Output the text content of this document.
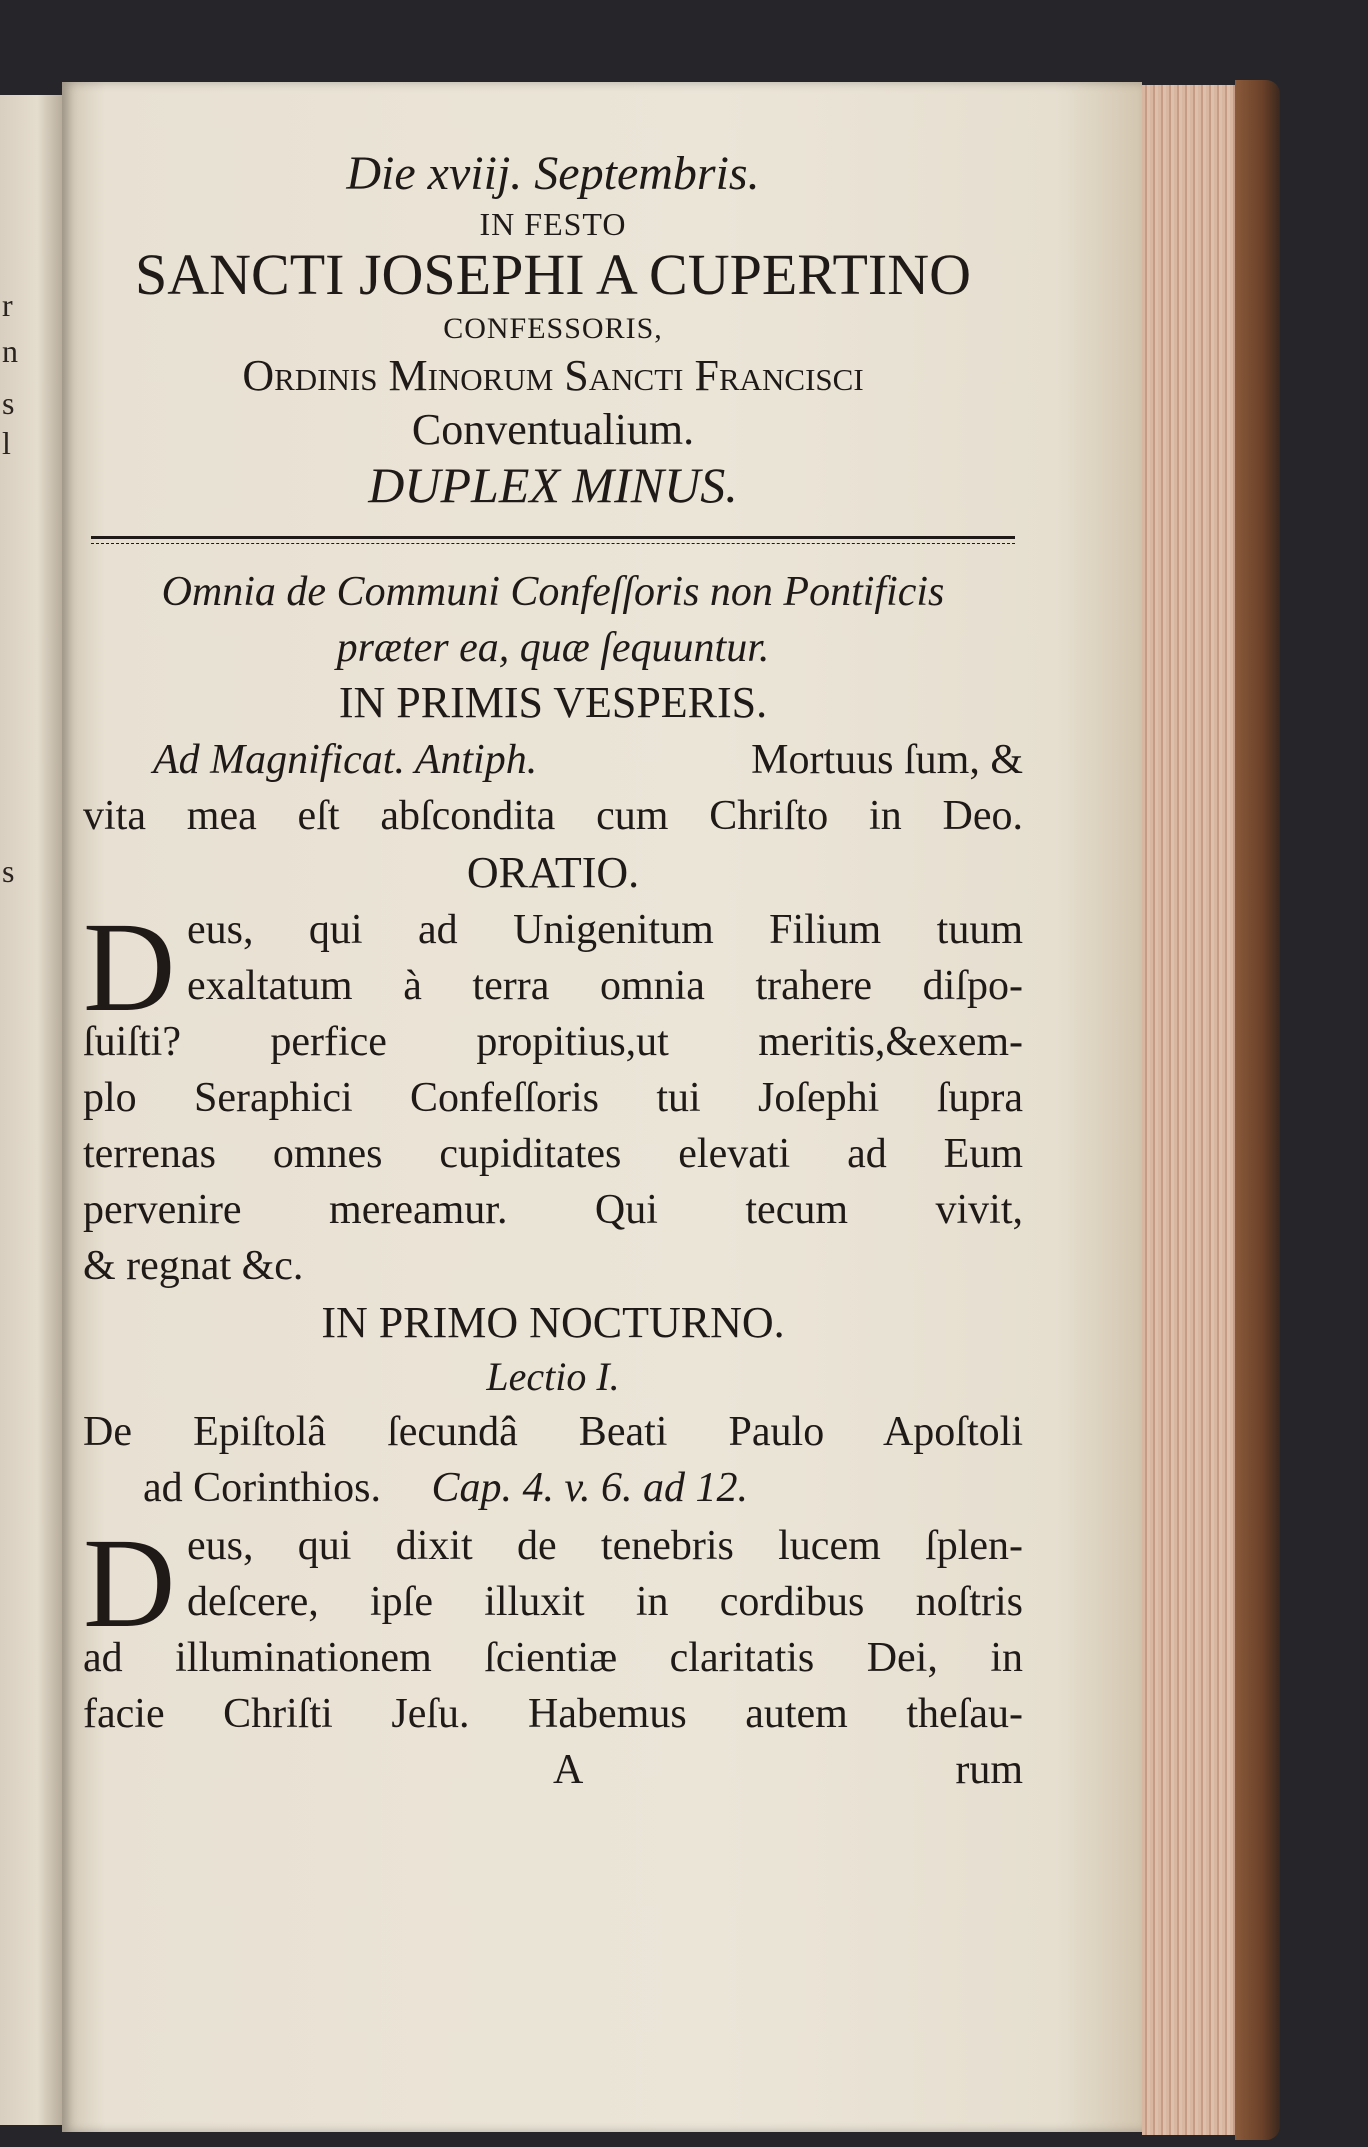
r
n
s
l
s
Die xviij. Septembris.
IN FESTO
SANCTI JOSEPHI A CUPERTINO
CONFESSORIS,
Ordinis Minorum Sancti Francisci
Conventualium.
DUPLEX MINUS.
Omnia de Communi Confeſſoris non Pontificis
præter ea, quæ ſequuntur.
IN PRIMIS VESPERIS.
Ad Magnificat. Antiph.	Mortuus ſum, &
vita mea eſt abſcondita cum Chriſto in Deo.
ORATIO.
D eus, qui ad Unigenitum Filium tuum
exaltatum à terra omnia trahere diſpo-
ſuiſti? perfice propitius,ut meritis,&exem-
plo Seraphici Confeſſoris tui Joſephi ſupra
terrenas omnes cupiditates elevati ad Eum
pervenire mereamur. Qui tecum vivit,
& regnat &c.
IN PRIMO NOCTURNO.
Lectio I.
De Epiſtolâ ſecundâ Beati Paulo Apoſtoli
ad Corinthios. Cap. 4. v. 6. ad 12.
D eus, qui dixit de tenebris lucem ſplen-
deſcere, ipſe illuxit in cordibus noſtris
ad illuminationem ſcientiæ claritatis Dei, in
facie Chriſti Jeſu. Habemus autem theſau-
A	rum
